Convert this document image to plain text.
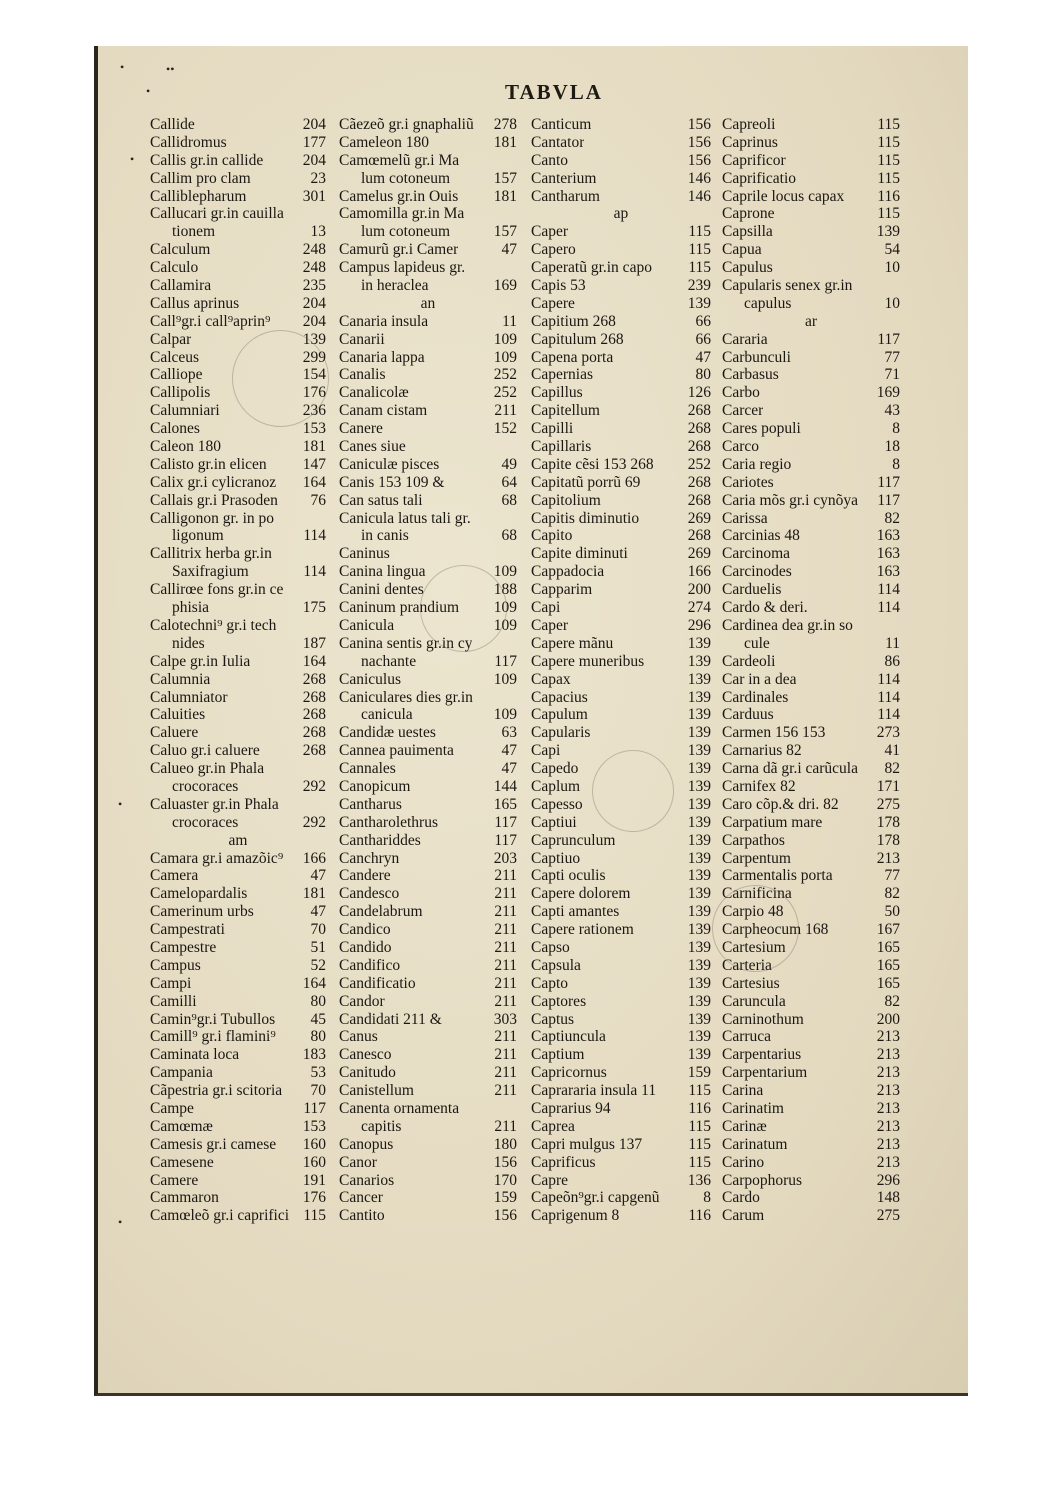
•	••
•	TABVLA
Callide	204
Callidromus	177
Callis gr.in callide	204
Callim pro clam	23
Calliblepharum	301
Callucari gr.in cauilla
tionem	13
Calculum	248
Calculo	248
Callamira	235
Callus aprinus	204
Call⁹gr.i call⁹aprin⁹ 204
Calpar	139
Calceus	299
Calliope	154
Callipolis	176
Calumniari	236
Calones	153
Caleon 180	181
Calisto gr.in elicen 147
Calix gr.i cylicranoz 164
Callais gr.i Prasoden 76
Calligonon gr. in po
ligonum	114
Callitrix herba gr.in
Saxifragium	114
Callirœe fons gr.in ce
phisia	175
Calotechni⁹ gr.i tech
nides	187
Calpe gr.in Iulia	164
Calumnia	268
Calumniator	268
Caluities	268
Caluere	268
Caluo gr.i caluere	268
Calueo gr.in Phala
crocoraces	292
Caluaster gr.in Phala
crocoraces	292
am
Camara gr.i amazõic⁹ 166
Camera	47
Camelopardalis	181
Camerinum urbs	47
Campestrati	70
Campestre	51
Campus	52
Campi	164
Camilli	80
Camin⁹gr.i Tubullos 45
Camill⁹ gr.i flamini⁹ 80
Caminata loca	183
Campania	53
Cãpestria gr.i scitoria 70
Campe	117
Camœmæ	153
Camesis gr.i camese 160
Camesene	160
Camere	191
Cammaron	176
Camœleõ gr.i caprifici 115
Cãezeõ gr.i gnaphaliũ 278
Cameleon 180	181
Camœmelũ gr.i Ma
lum cotoneum	157
Camelus gr.in Ouis 181
Camomilla gr.in Ma
lum cotoneum	157
Camurũ gr.i Camer	47
Campus lapideus gr.
in heraclea	169
an
Canaria insula	11
Canarii	109
Canaria lappa	109
Canalis	252
Canalicolæ	252
Canam cistam	211
Canere	152
Canes siue
Caniculæ pisces	49
Canis 153 109 &	64
Can satus tali	68
Canicula latus tali gr.
in canis	68
Caninus
Canina lingua	109
Canini dentes	188
Caninum prandium 109
Canicula	109
Canina sentis gr.in cy
nachante	117
Caniculus	109
Caniculares dies gr.in
canicula	109
Candidæ uestes	63
Cannea pauimenta	47
Cannales	47
Canopicum	144
Cantharus	165
Cantharolethrus	117
Canthariddes	117
Canchryn	203
Candere	211
Candesco	211
Candelabrum	211
Candico	211
Candido	211
Candifico	211
Candificatio	211
Candor	211
Candidati 211 &	303
Canus	211
Canesco	211
Canitudo	211
Canistellum	211
Canenta ornamenta
capitis	211
Canopus	180
Canor	156
Canarios	170
Cancer	159
Cantito	156
Canticum	156
Cantator	156
Canto	156
Canterium	146
Cantharum	146
ap
Caper	115
Capero	115
Caperatũ gr.in capo 115
Capis 53	239
Capere	139
Capitium 268	66
Capitulum 268	66
Capena porta	47
Capernias	80
Capillus	126
Capitellum	268
Capilli	268
Capillaris	268
Capite cẽsi 153 268 252
Capitatũ porrũ 69	268
Capitolium	268
Capitis diminutio	269
Capito	268
Capite diminuti	269
Cappadocia	166
Capparim	200
Capi	274
Caper	296
Capere mãnu	139
Capere muneribus	139
Capax	139
Capacius	139
Capulum	139
Capularis	139
Capi	139
Capedo	139
Caplum	139
Capesso	139
Captiui	139
Caprunculum	139
Captiuo	139
Capti oculis	139
Capere dolorem	139
Capti amantes	139
Capere rationem	139
Capso	139
Capsula	139
Capto	139
Captores	139
Captus	139
Captiuncula	139
Captium	139
Capricornus	159
Caprararia insula 11 115
Caprarius 94	116
Caprea	115
Capri mulgus 137	115
Caprificus	115
Capre	136
Capeõn⁹gr.i capgenũ	8
Caprigenum 8	116
Capreoli	115
Caprinus	115
Caprificor	115
Caprificatio	115
Caprile locus capax 116
Caprone	115
Capsilla	139
Capua	54
Capulus	10
Capularis senex gr.in
capulus	10
ar
Cararia	117
Carbunculi	77
Carbasus	71
Carbo	169
Carcer	43
Cares populi	8
Carco	18
Caria regio	8
Cariotes	117
Caria mõs gr.i cynõya 117
Carissa	82
Carcinias 48	163
Carcinoma	163
Carcinodes	163
Carduelis	114
Cardo & deri.	114
Cardinea dea gr.in so
cule	11
Cardeoli	86
Car in a dea	114
Cardinales	114
Carduus	114
Carmen 156 153	273
Carnarius 82	41
Carna dã gr.i carũcula 82
Carnifex 82	171
Caro cõp.& dri. 82 275
Carpatium mare	178
Carpathos	178
Carpentum	213
Carmentalis porta	77
Carnificina	82
Carpio 48	50
Carpheocum 168	167
Cartesium	165
Carteria	165
Cartesius	165
Caruncula	82
Carninothum	200
Carruca	213
Carpentarius	213
Carpentarium	213
Carina	213
Carinatim	213
Carinæ	213
Carinatum	213
Carino	213
Carpophorus	296
Cardo	148
Carum	275
•
•
•
